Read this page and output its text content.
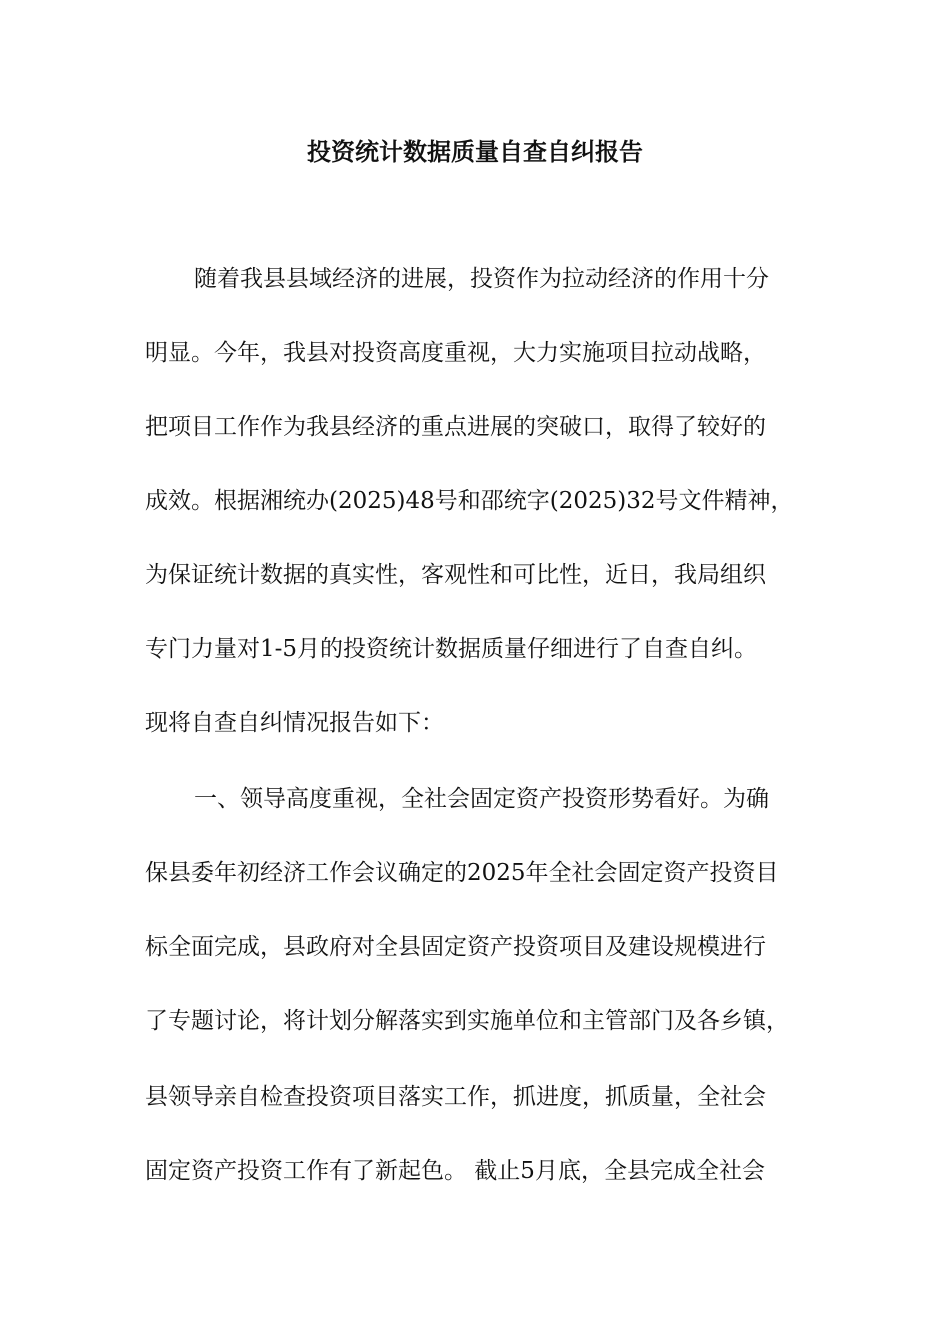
投资统计数据质量自查自纠报告
随着我县县域经济的进展，投资作为拉动经济的作用十分
明显。今年，我县对投资高度重视，大力实施项目拉动战略，
把项目工作作为我县经济的重点进展的突破口，取得了较好的
成效。根据湘统办(2025)48号和邵统字(2025)32号文件精神，
为保证统计数据的真实性，客观性和可比性，近日，我局组织
专门力量对1-5月的投资统计数据质量仔细进行了自查自纠。
现将自查自纠情况报告如下：
一、领导高度重视，全社会固定资产投资形势看好。为确
保县委年初经济工作会议确定的2025年全社会固定资产投资目
标全面完成，县政府对全县固定资产投资项目及建设规模进行
了专题讨论，将计划分解落实到实施单位和主管部门及各乡镇，
县领导亲自检查投资项目落实工作，抓进度，抓质量，全社会
固定资产投资工作有了新起色。 截止5月底，全县完成全社会
